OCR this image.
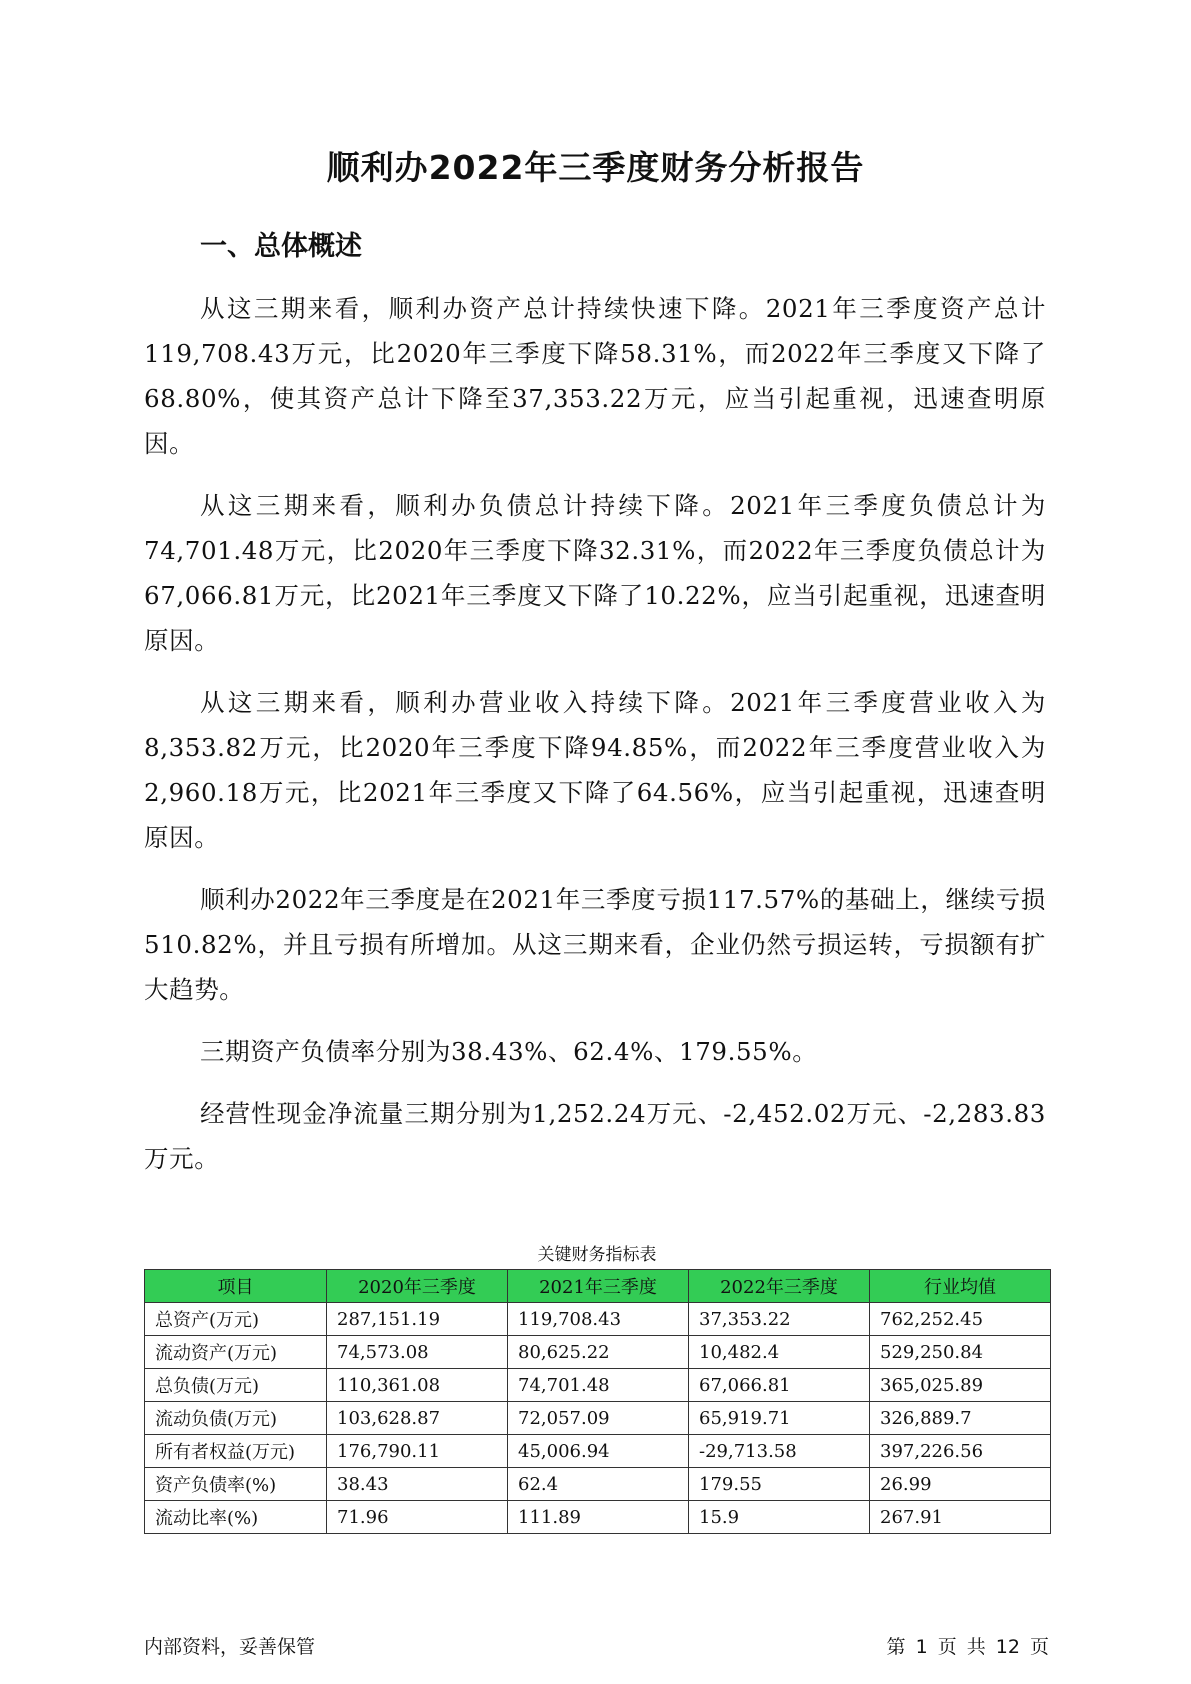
顺利办2022年三季度财务分析报告
一、总体概述

从这三期来看，顺利办资产总计持续快速下降。2021年三季度资产总计119,708.43万元，比2020年三季度下降58.31%，而2022年三季度又下降了68.80%，使其资产总计下降至37,353.22万元，应当引起重视，迅速查明原因。

从这三期来看，顺利办负债总计持续下降。2021年三季度负债总计为74,701.48万元，比2020年三季度下降32.31%，而2022年三季度负债总计为67,066.81万元，比2021年三季度又下降了10.22%，应当引起重视，迅速查明原因。

从这三期来看，顺利办营业收入持续下降。2021年三季度营业收入为8,353.82万元，比2020年三季度下降94.85%，而2022年三季度营业收入为2,960.18万元，比2021年三季度又下降了64.56%，应当引起重视，迅速查明原因。

顺利办2022年三季度是在2021年三季度亏损117.57%的基础上，继续亏损510.82%，并且亏损有所增加。从这三期来看，企业仍然亏损运转，亏损额有扩大趋势。

三期资产负债率分别为38.43%、62.4%、179.55%。

经营性现金净流量三期分别为1,252.24万元、-2,452.02万元、-2,283.83万元。

关键财务指标表
项目	2020年三季度	2021年三季度	2022年三季度	行业均值
总资产(万元)	287,151.19	119,708.43	37,353.22	762,252.45
流动资产(万元)	74,573.08	80,625.22	10,482.4	529,250.84
总负债(万元)	110,361.08	74,701.48	67,066.81	365,025.89
流动负债(万元)	103,628.87	72,057.09	65,919.71	326,889.7
所有者权益(万元)	176,790.11	45,006.94	-29,713.58	397,226.56
资产负债率(%)	38.43	62.4	179.55	26.99
流动比率(%)	71.96	111.89	15.9	267.91
内部资料，妥善保管	第 1 页 共 12 页
